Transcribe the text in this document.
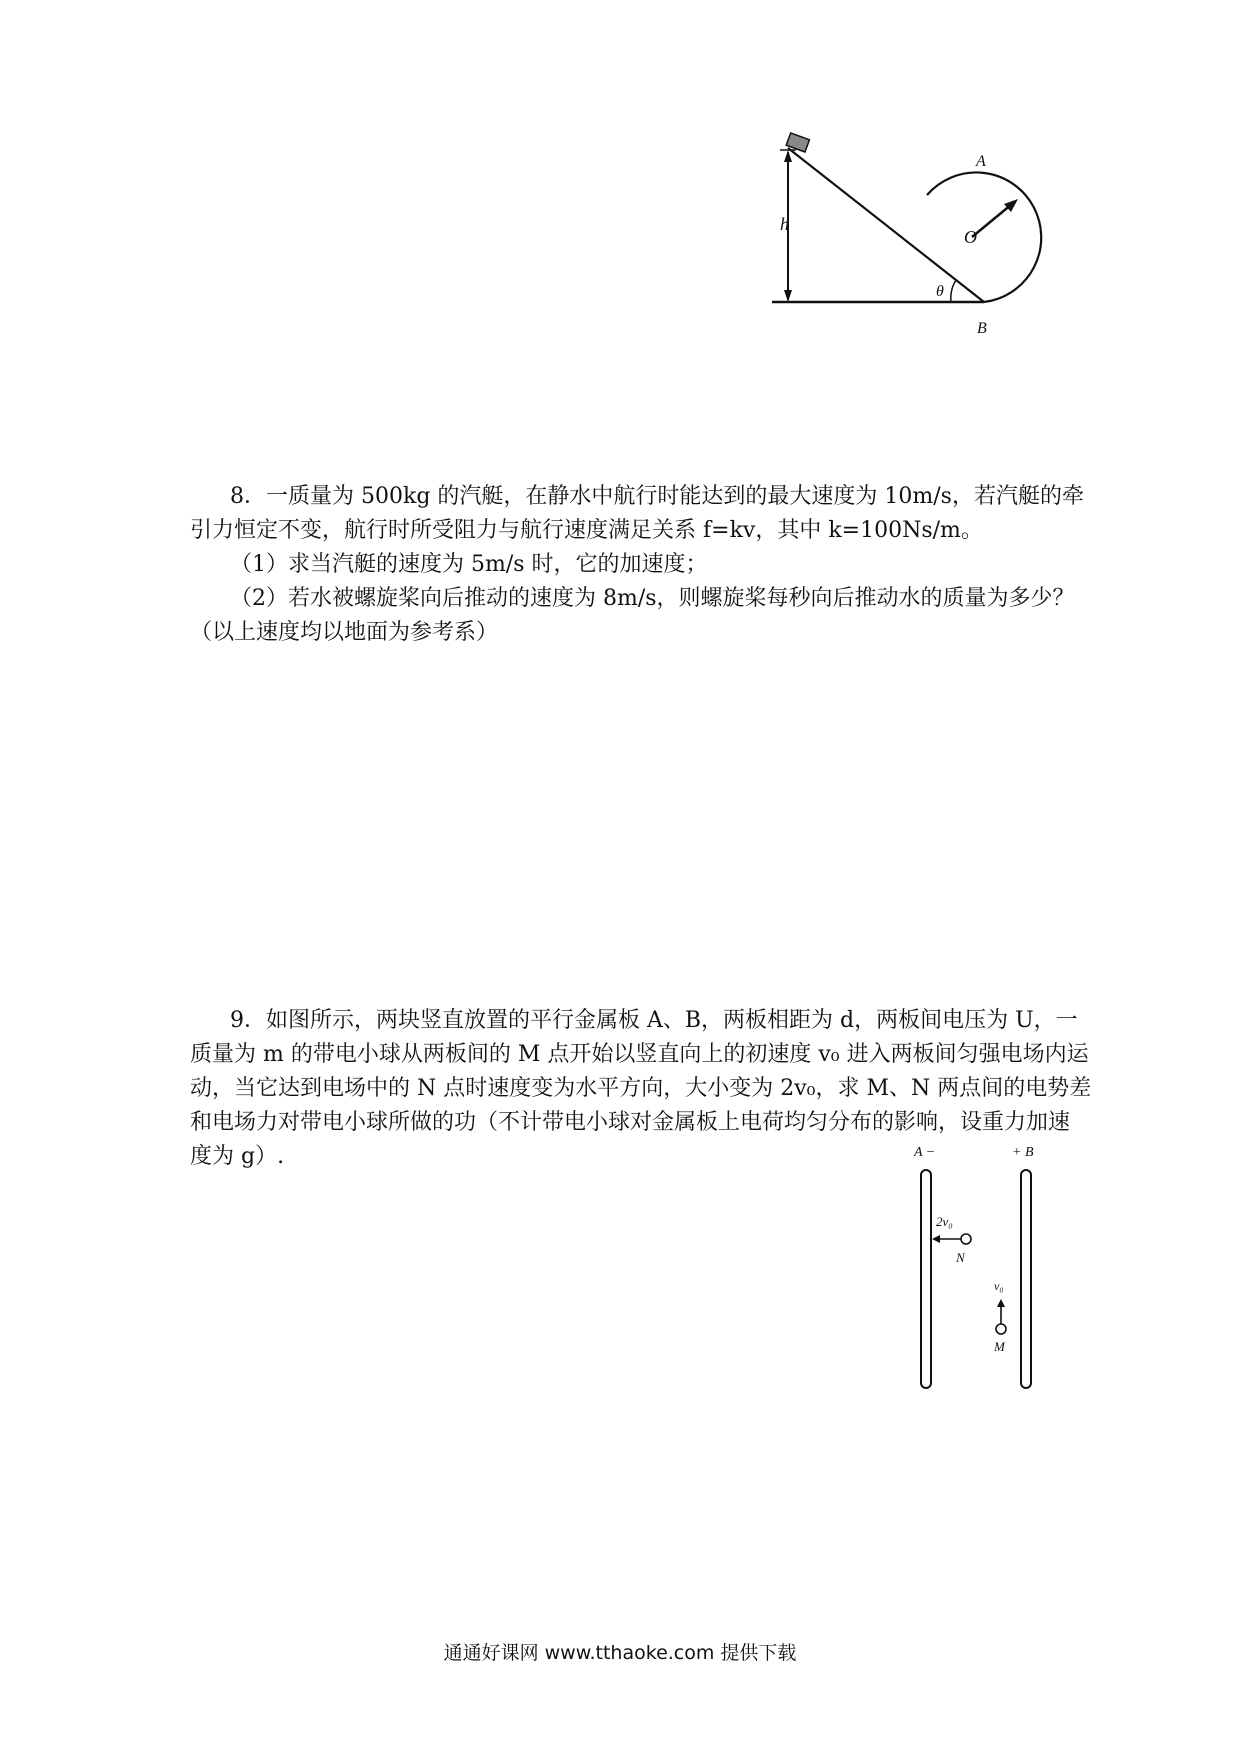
h
θ
O
A
B
8．一质量为 500kg 的汽艇，在静水中航行时能达到的最大速度为 10m/s，若汽艇的牵
引力恒定不变，航行时所受阻力与航行速度满足关系 f=kv，其中 k=100Ns/m。
（1）求当汽艇的速度为 5m/s 时，它的加速度；
（2）若水被螺旋桨向后推动的速度为 8m/s，则螺旋桨每秒向后推动水的质量为多少？
（以上速度均以地面为参考系）
9．如图所示，两块竖直放置的平行金属板 A、B，两板相距为 d，两板间电压为 U，一
质量为 m 的带电小球从两板间的 M 点开始以竖直向上的初速度 v₀ 进入两板间匀强电场内运
动，当它达到电场中的 N 点时速度变为水平方向，大小变为 2v₀，求 M、N 两点间的电势差
和电场力对带电小球所做的功（不计带电小球对金属板上电荷均匀分布的影响，设重力加速
度为 g）.	A −	+ B
2v₀
N
v₀
M
通通好课网 www.tthaoke.com 提供下载
